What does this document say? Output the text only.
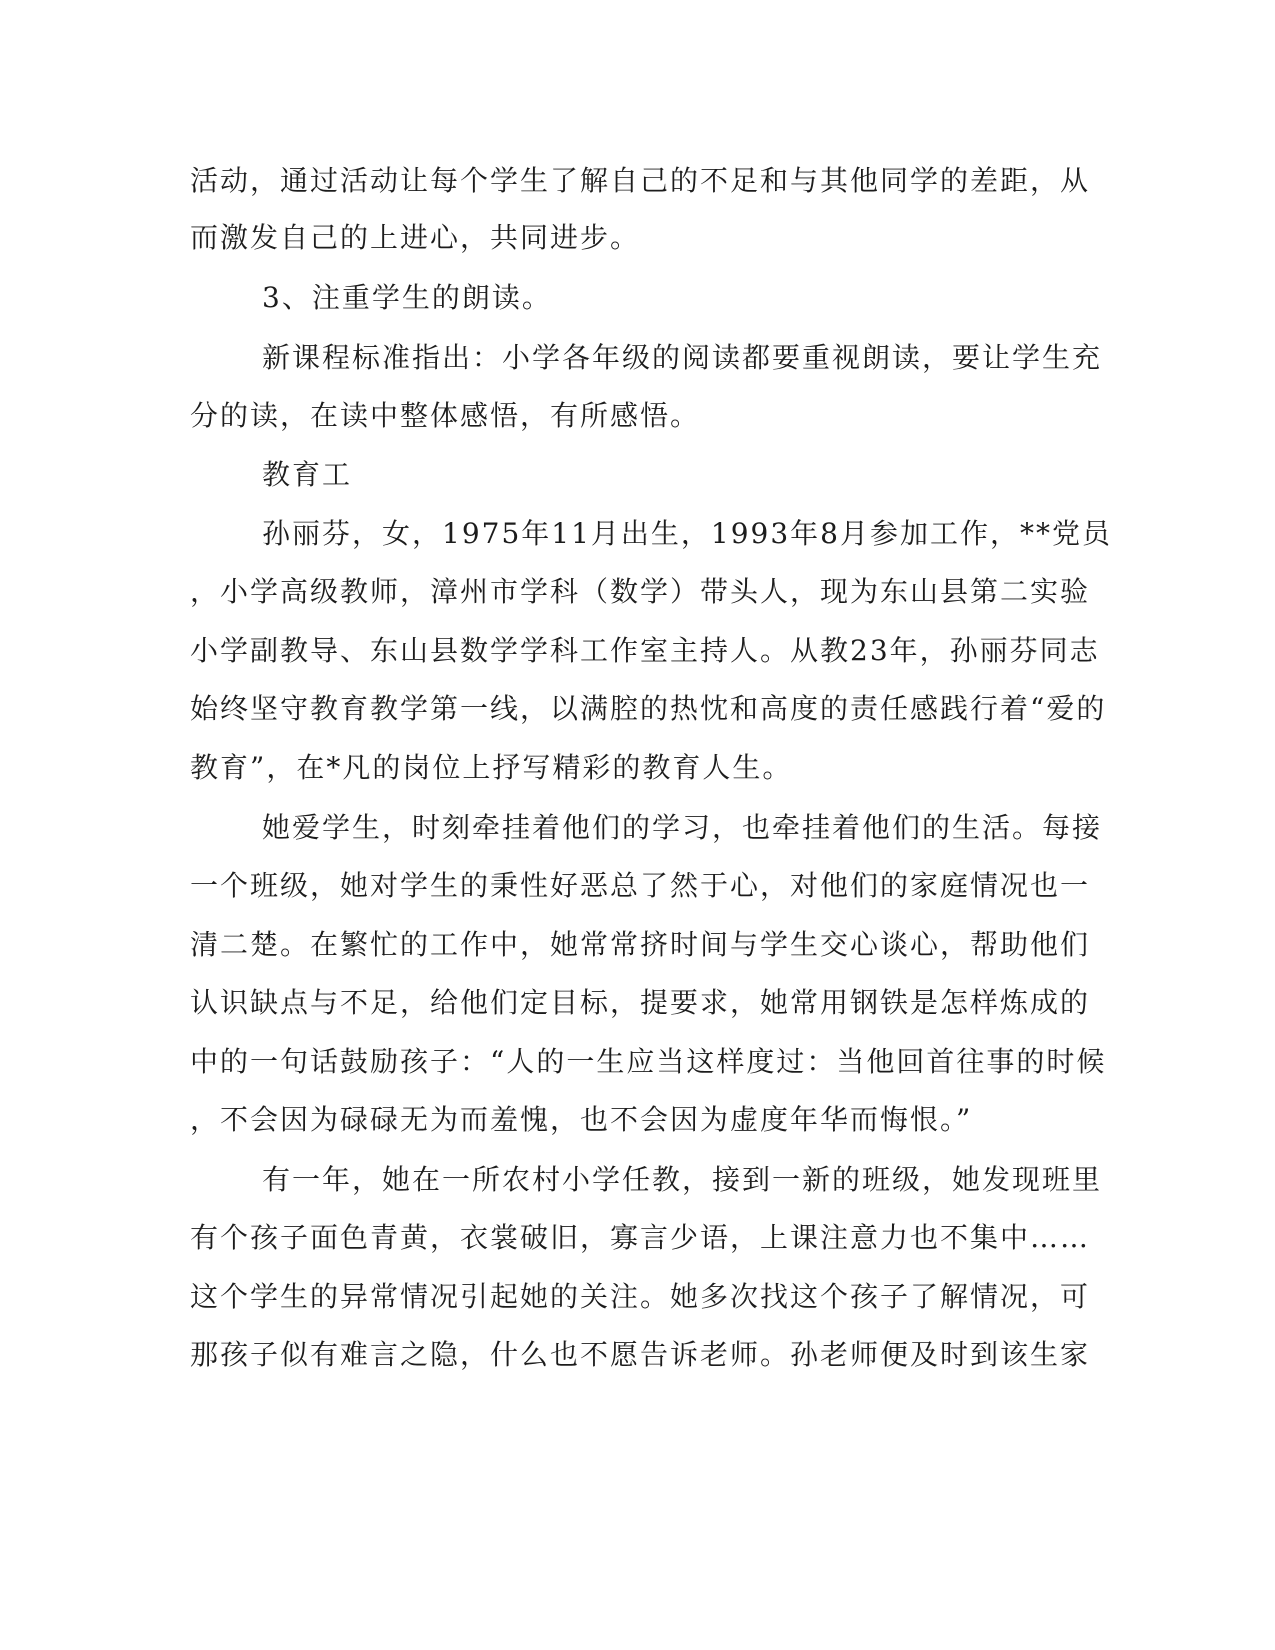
活动，通过活动让每个学生了解自己的不足和与其他同学的差距，从
而激发自己的上进心，共同进步。
3、注重学生的朗读。
新课程标准指出：小学各年级的阅读都要重视朗读，要让学生充
分的读，在读中整体感悟，有所感悟。
教育工
孙丽芬，女，1975年11月出生，1993年8月参加工作，**党员
，小学高级教师，漳州市学科（数学）带头人，现为东山县第二实验
小学副教导、东山县数学学科工作室主持人。从教23年，孙丽芬同志
始终坚守教育教学第一线，以满腔的热忱和高度的责任感践行着“爱的
教育”，在*凡的岗位上抒写精彩的教育人生。
她爱学生，时刻牵挂着他们的学习，也牵挂着他们的生活。每接
一个班级，她对学生的秉性好恶总了然于心，对他们的家庭情况也一
清二楚。在繁忙的工作中，她常常挤时间与学生交心谈心，帮助他们
认识缺点与不足，给他们定目标，提要求，她常用钢铁是怎样炼成的
中的一句话鼓励孩子：“人的一生应当这样度过：当他回首往事的时候
，不会因为碌碌无为而羞愧，也不会因为虚度年华而悔恨。”
有一年，她在一所农村小学任教，接到一新的班级，她发现班里
有个孩子面色青黄，衣裳破旧，寡言少语，上课注意力也不集中……
这个学生的异常情况引起她的关注。她多次找这个孩子了解情况，可
那孩子似有难言之隐，什么也不愿告诉老师。孙老师便及时到该生家
